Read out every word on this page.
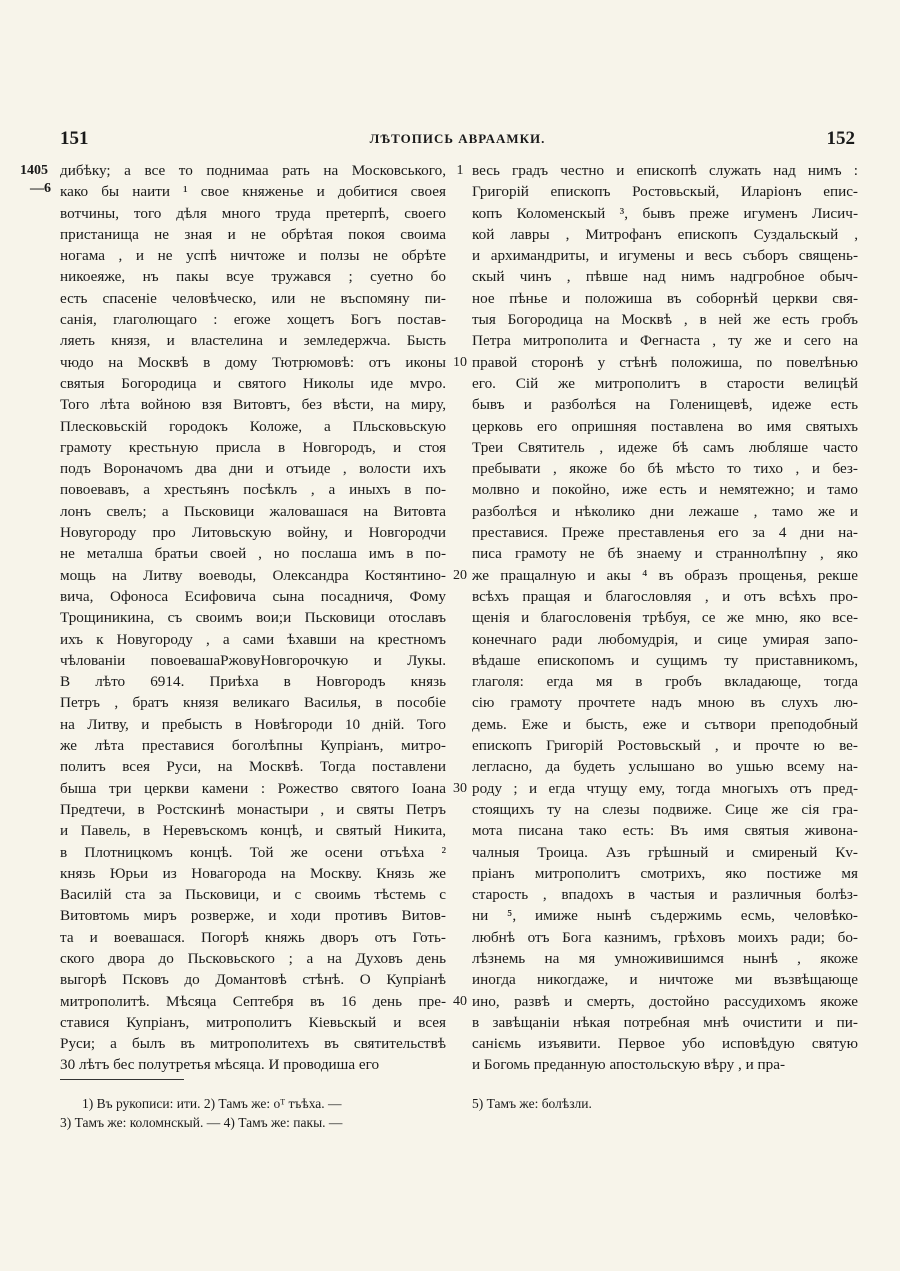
151	ЛѢТОПИСЬ АВРААМКИ.	152
1405
—6
1
10
20
30
40
дибѣку; а все то поднимаа рать на Московського,
како бы наити ¹ свое княженье и добитися своея
вотчины, того дѣля много труда претерпѣ, своего
пристанища не зная и не обрѣтая покоя своима
ногама , и не успѣ ничтоже и ползы не обрѣте
никоеяже, нъ пакы всуе тружався ; суетно бо
есть спасеніе человѣческо, или не въспомяну пи-
санія, глаголющаго : егоже хощетъ Богъ постав-
ляеть князя, и властелина и земледержча. Бысть
чюдо на Москвѣ в дому Тютрюмовѣ: отъ иконы
святыя Богородица и святого Николы иде мvро.
Того лѣта войною взя Витовтъ, без вѣсти, на миру,
Плесковьскій городокъ Коложе, а Пльсковьскую
грамоту крестьную присла в Новгородъ, и стоя
подъ Вороначомъ два дни и отъиде , волости ихъ
повоевавъ, а хрестьянъ посѣклъ , а иныхъ в по-
лонъ свелъ; а Пьсковици жаловашася на Витовта
Новугороду про Литовьскую войну, и Новгородчи
не металша братьи своей , но послаша имъ в по-
мощь на Литву воеводы, Олександра Костянтино-
вича, Офоноса Есифовича сына посадничя, Фому
Трощиникина, съ своимъ вои;и Пьсковици отославъ
ихъ к Новугороду , а сами ѣхавши на крестномъ
чѣлованіи повоевашаРжовуНовгорочкую и Лукы.
В лѣто 6914. Приѣха в Новгородъ князь
Петръ , братъ князя великаго Василья, в пособіе
на Литву, и пребысть в Новѣгороди 10 дній. Того
же лѣта преставися боголѣпны Купріанъ, митро-
политъ всея Руси, на Москвѣ. Тогда поставлени
быша три церкви камени : Рожество святого Іоана
Предтечи, в Ростскинѣ монастыри , и святы Петръ
и Павель, в Неревъскомъ концѣ, и святый Никита,
в Плотницкомъ концѣ. Той же осени отъѣха ²
князь Юрьи из Новагорода на Москву. Князь же
Василій ста за Пьсковици, и с своимь тѣстемь с
Витовтомь миръ розверже, и ходи противъ Витов-
та и воевашася. Погорѣ княжь дворъ отъ Готь-
ского двора до Пьсковьского ; а на Духовъ день
выгорѣ Псковъ до Домантовѣ стѣнѣ. О Купріанѣ
митрополитѣ. Мѣсяца Септебря въ 16 день пре-
ставися Купріанъ, митрополитъ Кіевьскый и всея
Руси; а былъ въ митрополитехъ въ святительствѣ
30 лѣтъ бес полутретья мѣсяца. И проводиша его
весь градъ честно и епископѣ служать над нимъ :
Григорій епископъ Ростовьскый, Иларіонъ епис-
копъ Коломенскый ³, бывъ преже игуменъ Лисич-
кой лавры , Митрофанъ епископъ Суздальскый ,
и архимандриты, и игумены и весь съборъ священь-
скый чинъ , пѣвше над нимъ надгробное обыч-
ное пѣнье и положиша въ соборнѣй церкви свя-
тыя Богородица на Москвѣ , в ней же есть гробъ
Петра митрополита и Фегнаста , ту же и сего на
правой сторонѣ у стѣнѣ положиша, по повелѣнью
его. Сій же митрополитъ в старости велицѣй
бывъ и разболѣся на Голенищевѣ, идеже есть
церковь его опришняя поставлена во имя святыхъ
Треи Святитель , идеже бѣ самъ любляше часто
пребывати , якоже бо бѣ мѣсто то тихо , и без-
молвно и покойно, иже есть и немятежно; и тамо
разболѣся и нѣколико дни лежаше , тамо же и
преставися. Преже преставленья его за 4 дни на-
писа грамоту не бѣ знаему и страннолѣпну , яко
же пращалную и акы ⁴ въ образъ прощенья, рекше
всѣхъ пращая и благословляя , и отъ всѣхъ про-
щенія и благословенія трѣбуя, се же мню, яко все-
конечнаго ради любомудрія, и сице умирая запо-
вѣдаше епископомъ и сущимъ ту приставникомъ,
глаголя: егда мя в гробъ вкладающе, тогда
сію грамоту прочтете надъ мною въ слухъ лю-
демь. Еже и бысть, еже и сътвори преподобный
епископъ Григорій Ростовьскый , и прочте ю ве-
легласно, да будеть услышано во ушью всему на-
роду ; и егда чтущу ему, тогда многыхъ отъ пред-
стоящихъ ту на слезы подвиже. Сице же сія гра-
мота писана тако есть: Въ имя святыя живона-
чалныя Троица. Азъ грѣшный и смиреный Кv-
пріанъ митрополитъ смотрихъ, яко постиже мя
старость , впадохъ в частыя и различныя болѣз-
ни ⁵, имиже нынѣ съдержимь есмь, человѣко-
любнѣ отъ Бога казнимъ, грѣховъ моихъ ради; бо-
лѣзнемь на мя умноживишимся нынѣ , якоже
иногда никогдаже, и ничтоже ми възвѣщающе
ино, развѣ и смерть, достойно рассудихомъ якоже
в завѣщаніи нѣкая потребная мнѣ очистити и пи-
саніємь изъявити. Первое убо исповѣдую святую
и Богомь преданную апостольскую вѣру , и пра-
1) Въ рукописи: ити. 2) Тамъ же: оᵀ тъѣха. —
3) Тамъ же: коломнскый. — 4) Тамъ же: пакы. —
5) Тамъ же: болѣзли.
